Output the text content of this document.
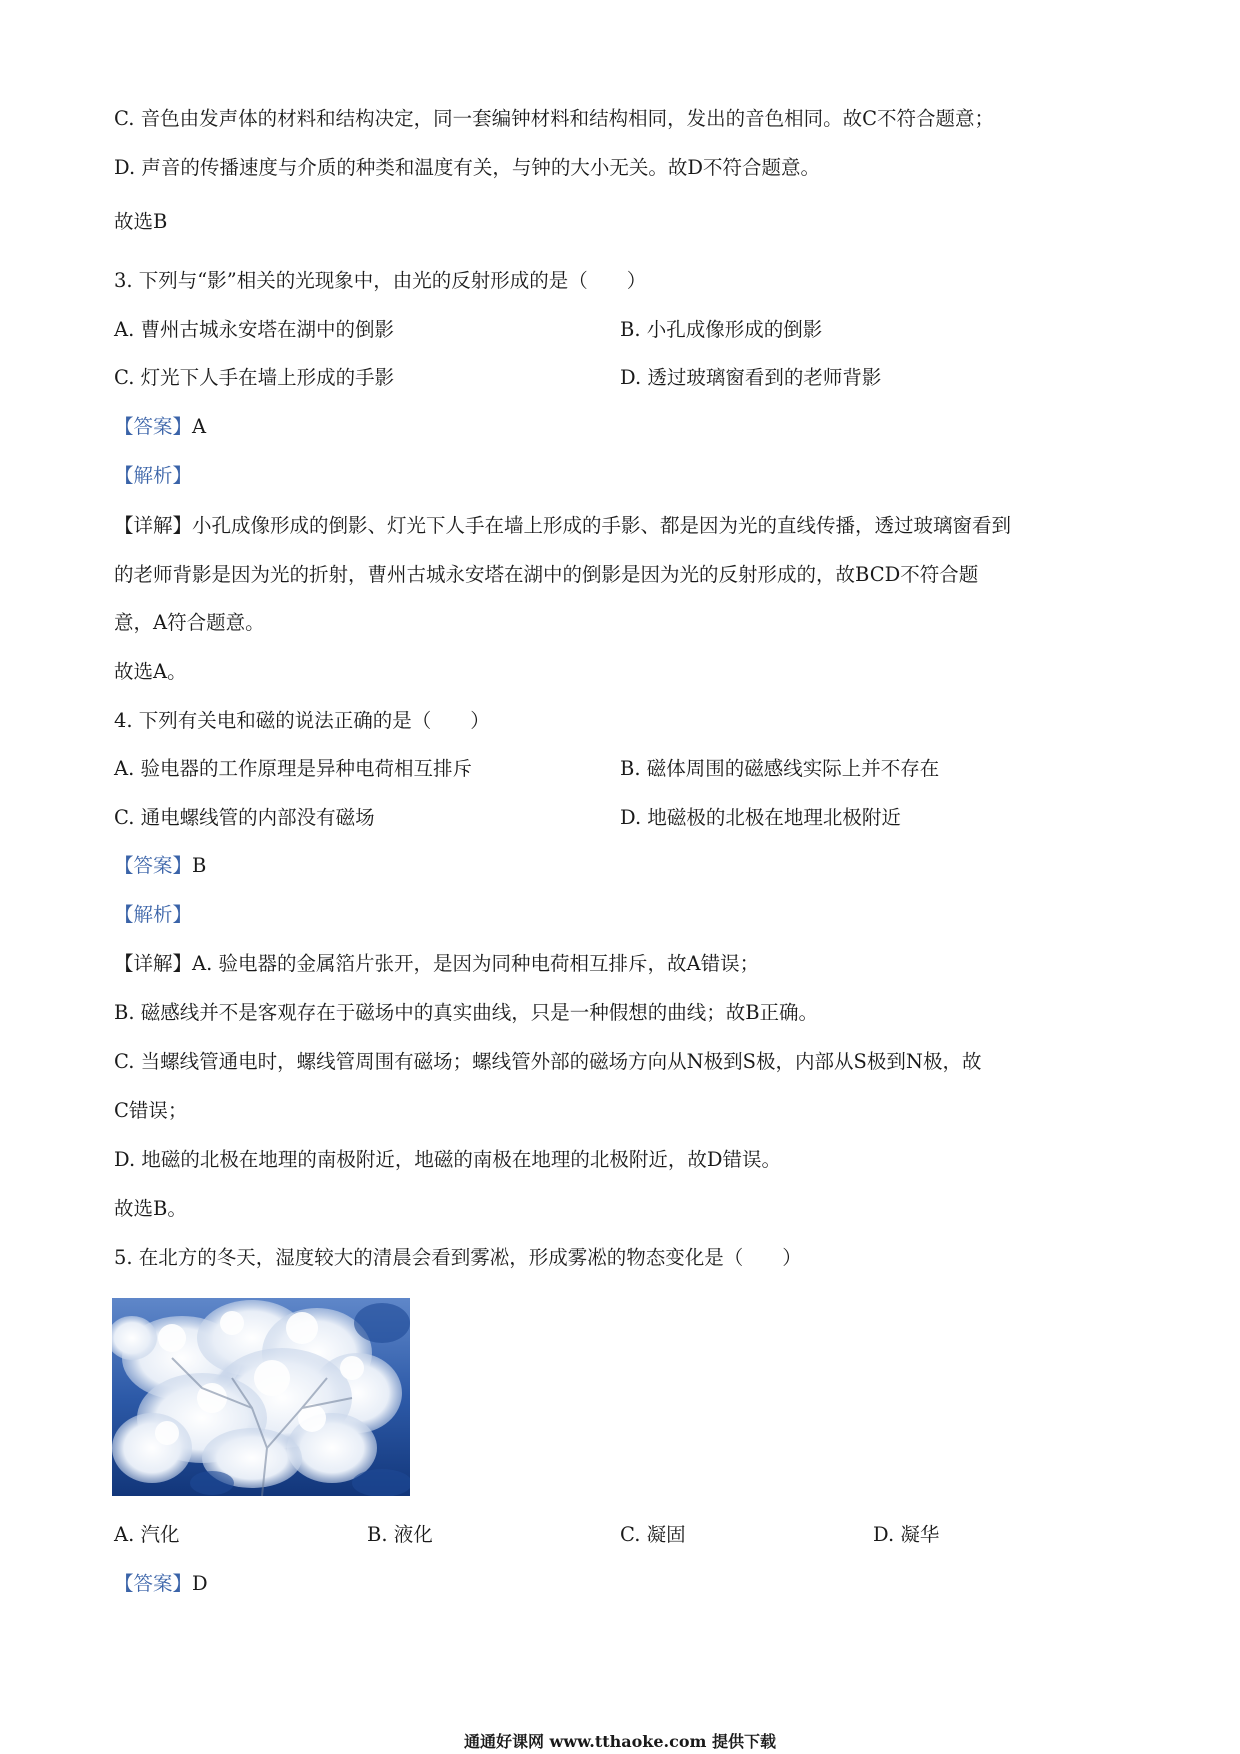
C. 音色由发声体的材料和结构决定，同一套编钟材料和结构相同，发出的音色相同。故C不符合题意；
D. 声音的传播速度与介质的种类和温度有关，与钟的大小无关。故D不符合题意。
故选B
3. 下列与“影”相关的光现象中，由光的反射形成的是（　　）
A. 曹州古城永安塔在湖中的倒影	B. 小孔成像形成的倒影
C. 灯光下人手在墙上形成的手影	D. 透过玻璃窗看到的老师背影
【答案】A
【解析】
【详解】小孔成像形成的倒影、灯光下人手在墙上形成的手影、都是因为光的直线传播，透过玻璃窗看到
的老师背影是因为光的折射，曹州古城永安塔在湖中的倒影是因为光的反射形成的，故BCD不符合题
意，A符合题意。
故选A。
4. 下列有关电和磁的说法正确的是（　　）
A. 验电器的工作原理是异种电荷相互排斥	B. 磁体周围的磁感线实际上并不存在
C. 通电螺线管的内部没有磁场	D. 地磁极的北极在地理北极附近
【答案】B
【解析】
【详解】A. 验电器的金属箔片张开，是因为同种电荷相互排斥，故A错误；
B. 磁感线并不是客观存在于磁场中的真实曲线，只是一种假想的曲线；故B正确。
C. 当螺线管通电时，螺线管周围有磁场；螺线管外部的磁场方向从N极到S极，内部从S极到N极，故
C错误；
D. 地磁的北极在地理的南极附近，地磁的南极在地理的北极附近，故D错误。
故选B。
5. 在北方的冬天，湿度较大的清晨会看到雾凇，形成雾凇的物态变化是（　　）
A. 汽化	B. 液化	C. 凝固	D. 凝华
【答案】D
通通好课网 www.tthaoke.com 提供下载
